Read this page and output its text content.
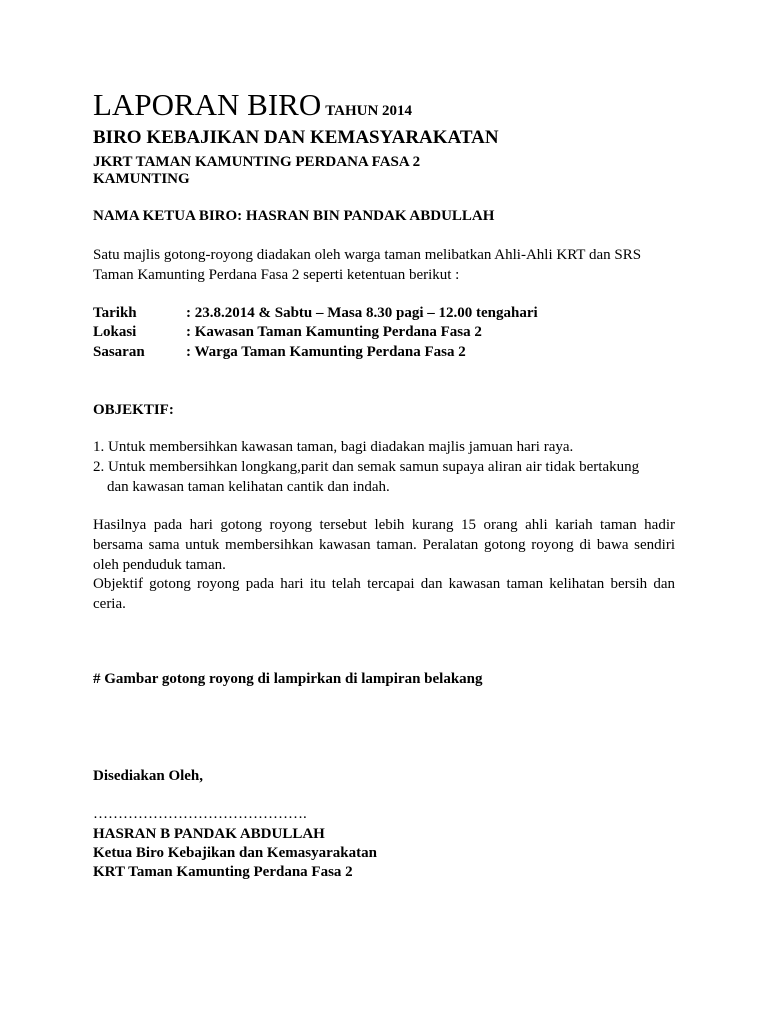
LAPORAN BIRO TAHUN 2014
BIRO KEBAJIKAN DAN KEMASYARAKATAN
JKRT TAMAN KAMUNTING PERDANA FASA 2
KAMUNTING
NAMA KETUA BIRO: HASRAN BIN PANDAK ABDULLAH
Satu majlis gotong-royong diadakan oleh warga taman melibatkan Ahli-Ahli KRT dan SRS Taman Kamunting Perdana Fasa 2 seperti ketentuan berikut :
Tarikh	: 23.8.2014 & Sabtu – Masa 8.30 pagi – 12.00 tengahari
Lokasi	: Kawasan Taman Kamunting Perdana Fasa 2
Sasaran	: Warga Taman Kamunting Perdana Fasa 2
OBJEKTIF:
1. Untuk membersihkan kawasan taman, bagi diadakan majlis jamuan hari raya.
2. Untuk membersihkan longkang,parit dan semak samun supaya aliran air tidak bertakung
dan kawasan taman kelihatan cantik dan indah.
Hasilnya pada hari gotong royong tersebut lebih kurang 15 orang ahli kariah taman hadir bersama sama untuk membersihkan kawasan taman. Peralatan gotong royong di bawa sendiri oleh penduduk taman.
Objektif gotong royong pada hari itu telah tercapai dan kawasan taman kelihatan bersih dan ceria.
# Gambar gotong royong di lampirkan di lampiran belakang
Disediakan Oleh,
…………………………………….
HASRAN B PANDAK ABDULLAH
Ketua Biro Kebajikan dan Kemasyarakatan
KRT Taman Kamunting Perdana Fasa 2
